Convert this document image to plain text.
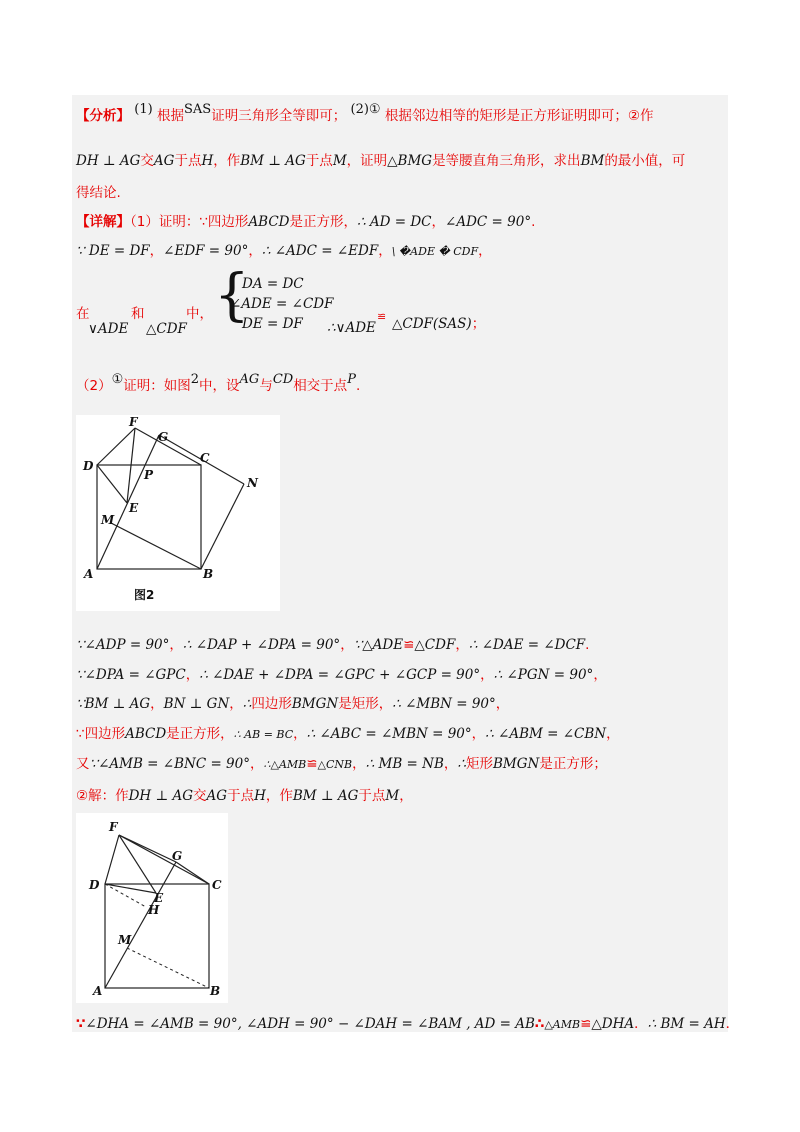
【分析】 (1) 根据SAS证明三角形全等即可； (2)① 根据邻边相等的矩形是正方形证明即可；②作
DH ⊥ AG交AG于点H，作BM ⊥ AG于点M，证明△BMG是等腰直角三角形，求出BM的最小值，可
得结论.
【详解】（1）证明：∵四边形ABCD是正方形，∴ AD = DC，∠ADC = 90°.
∵ DE = DF，∠EDF = 90°，∴ ∠ADC = ∠EDF，\ �ADE � CDF，
在
∨ADE
和
△CDF
中， {
DA = DC
∠ADE = ∠CDF
DE = DF ∴∨ADE
≌ △CDF(SAS)；
（2）①证明：如图2中，设AG与CD相交于点P.
F
G
D
C
P
N
E
M
A	B
图2
∵∠ADP = 90°，∴ ∠DAP + ∠DPA = 90°，∵△ADE≌△CDF，∴ ∠DAE = ∠DCF.
∵∠DPA = ∠GPC，∴ ∠DAE + ∠DPA = ∠GPC + ∠GCP = 90°，∴ ∠PGN = 90°，
∵BM ⊥ AG，BN ⊥ GN，∴四边形BMGN是矩形，∴ ∠MBN = 90°，
∵四边形ABCD是正方形，∴ AB = BC，∴ ∠ABC = ∠MBN = 90°，∴ ∠ABM = ∠CBN，
又∵∠AMB = ∠BNC = 90°，∴△AMB≌△CNB，∴ MB = NB，∴矩形BMGN是正方形；
②解：作DH ⊥ AG交AG于点H，作BM ⊥ AG于点M，
F
G
D	C
E
H
M
A	B
∵∠DHA = ∠AMB = 90°, ∠ADH = 90° − ∠DAH = ∠BAM , AD = AB∴△AMB≌△DHA．∴ BM = AH．
